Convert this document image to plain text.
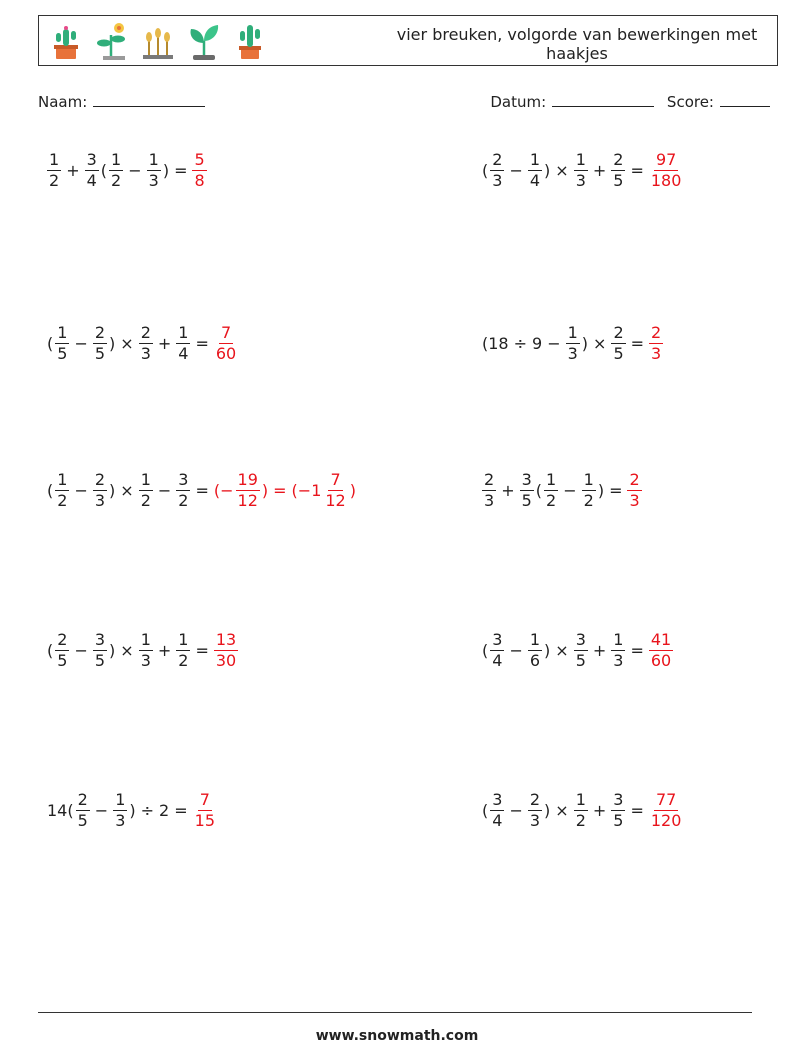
vier breuken, volgorde van bewerkingen met haakjes
Naam:	Datum:	Score:
$\frac{1}{2} + \frac{3}{4}$ ( $\frac{1}{2} - \frac{1}{3}$ ) = $\frac{5}{8}$	( $\frac{2}{3} - \frac{1}{4}$ ) × $\frac{1}{3} + \frac{2}{5} = \frac{97}{180}$
( $\frac{1}{5} - \frac{2}{5}$ ) × $\frac{2}{3} + \frac{1}{4} = \frac{7}{60}$	($18 \div 9 - \frac{1}{3}$ ) × $\frac{2}{5} = \frac{2}{3}$
( $\frac{1}{2} - \frac{2}{3}$ ) × $\frac{1}{2} - \frac{3}{2}$ = (− $\frac{19}{12}$ ) = ($-1 \frac{7}{12}$ )	$\frac{2}{3} + \frac{3}{5}$ ( $\frac{1}{2} - \frac{1}{2}$ ) = $\frac{2}{3}$
( $\frac{2}{5} - \frac{3}{5}$ ) × $\frac{1}{3} + \frac{1}{2} = \frac{13}{30}$	( $\frac{3}{4} - \frac{1}{6}$ ) × $\frac{3}{5} + \frac{1}{3} = \frac{41}{60}$
$14( \frac{2}{5} - \frac{1}{3}$ ) ÷ $2 = \frac{7}{15}$	( $\frac{3}{4} - \frac{2}{3}$ ) × $\frac{1}{2} + \frac{3}{5} = \frac{77}{120}$
www.snowmath.com
